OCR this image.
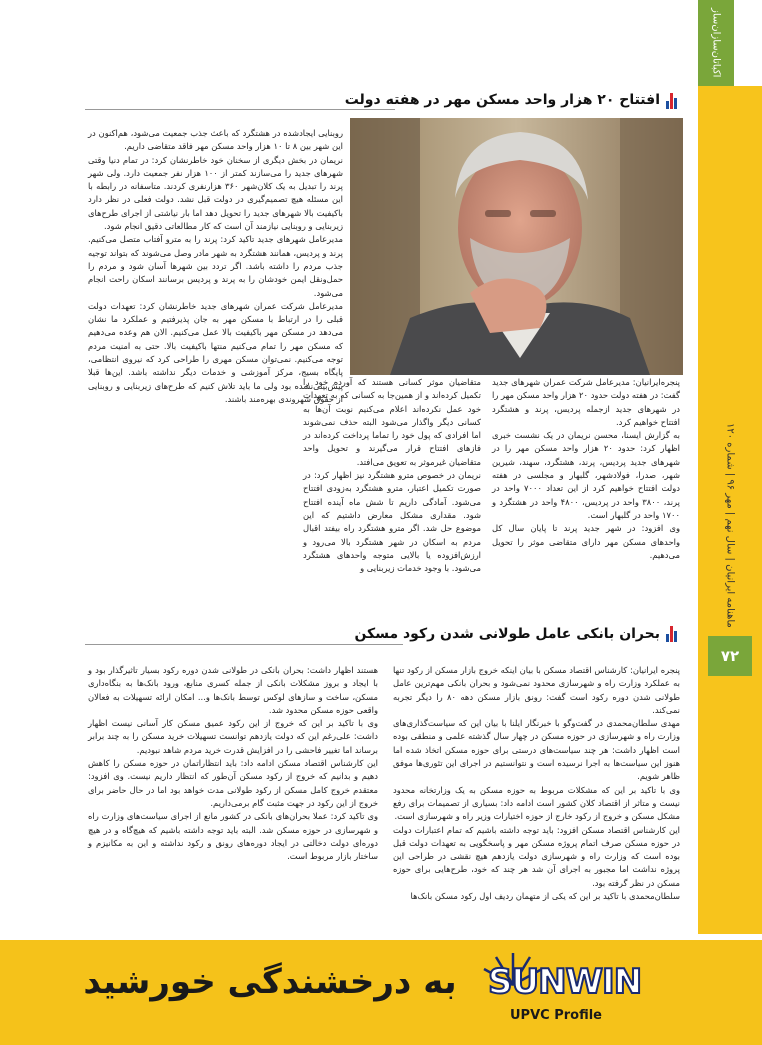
اکباتان‌سازان‌ساز
ماهنامه ایرانیان | سال نهم | مهر ۹۶ | شماره ۱۲۰
۷۲
افتتاح ۲۰ هزار واحد مسکن مهر در هفته دولت

روبنایی ایجادشده در هشتگرد که باعث جذب جمعیت می‌شود، هم‌اکنون در این شهر بین ۸ تا ۱۰ هزار واحد مسکن مهر فاقد متقاضی داریم.

نریمان در بخش دیگری از سخنان خود خاطرنشان کرد: در تمام دنیا وقتی شهرهای جدید را می‌سازند کمتر از ۱۰۰ هزار نفر جمعیت دارد. ولی شهر پرند را تبدیل به یک کلان‌شهر ۳۶۰ هزارنفری کردند. متاسفانه در رابطه با این مسئله هیچ تصمیم‌گیری در دولت قبل نشد. دولت فعلی در نظر دارد باکیفیت بالا شهرهای جدید را تحویل دهد اما بار نیاشتی از اجرای طرح‌های زیربنایی و روبنایی نیازمند آن است که کار مطالعاتی دقیق انجام شود.

مدیرعامل شهرهای جدید تاکید کرد: پرند را به مترو آفتاب متصل می‌کنیم. پرند و پردیس، همانند هشتگرد به شهر مادر وصل می‌شوند که بتواند توجیه جذب مردم را داشته باشد. اگر تردد بین شهرها آسان شود و مردم را حمل‌ونقل ایمن خودشان را به پرند و پردیس برسانند اسکان راحت انجام می‌شود.

مدیرعامل شرکت عمران شهرهای جدید خاطرنشان کرد: تعهدات دولت قبلی را در ارتباط با مسکن مهر به جان پذیرفتیم و عملکرد ما نشان می‌دهد در مسکن مهر باکیفیت بالا عمل می‌کنیم. الان هم وعده می‌دهیم که مسکن مهر را تمام می‌کنیم منتها باکیفیت بالا. حتی به امنیت مردم توجه می‌کنیم. نمی‌توان مسکن مهری را طراحی کرد که نیروی انتظامی، پایگاه بسیج، مرکز آموزشی و خدمات دیگر نداشته باشد. این‌ها قبلا پیش‌بینی‌نشده بود ولی ما باید تلاش کنیم که طرح‌های زیربنایی و روبنایی از حقوق شهروندی بهره‌مند باشند.

متقاضیان موثر کسانی هستند که آورده خود را تکمیل کرده‌اند و از همین‌جا به کسانی که به تعهدات خود عمل نکرده‌اند اعلام می‌کنیم نوبت آن‌ها به کسانی دیگر واگذار می‌شود البته حذف نمی‌شوند اما افرادی که پول خود را تماما پرداخت کرده‌اند در فازهای افتتاح قرار می‌گیرند و تحویل واحد متقاضیان غیرموثر به تعویق می‌افتد.

نریمان در خصوص مترو هشتگرد نیز اظهار کرد: در صورت تکمیل اعتبار، مترو هشتگرد به‌زودی افتتاح می‌شود. آمادگی داریم تا شش ماه آینده افتتاح شود. مقداری مشکل معارض داشتیم که این موضوع حل شد. اگر مترو هشتگرد راه بیفتد اقبال مردم به اسکان در شهر هشتگرد بالا می‌رود و ارزش‌افزوده یا بالایی متوجه واحدهای هشتگرد می‌شود. با وجود خدمات زیربنایی و

پنجره‌ایرانیان: مدیرعامل شرکت عمران شهرهای جدید گفت: در هفته دولت حدود ۲۰ هزار واحد مسکن مهر را در شهرهای جدید ازجمله پردیس، پرند و هشتگرد افتتاح خواهیم کرد.

به گزارش ایسنا، محسن نریمان در یک نشست خبری اظهار کرد: حدود ۲۰ هزار واحد مسکن مهر را در شهرهای جدید پردیس، پرند، هشتگرد، سهند، شیرین شهر، صدرا، فولادشهر، گلبهار و مجلسی در هفته دولت افتتاح خواهیم کرد از این تعداد ۷۰۰۰ واحد در پرند، ۳۸۰۰ واحد در پردیس، ۴۸۰۰ واحد در هشتگرد و ۱۷۰۰ واحد در گلبهار است.

وی افزود: در شهر جدید پرند تا پایان سال کل واحدهای مسکن مهر دارای متقاضی موثر را تحویل می‌دهیم.

بحران بانکی عامل طولانی شدن رکود مسکن

پنجره‌ ایرانیان: کارشناس اقتصاد مسکن با بیان اینکه خروج بازار مسکن از رکود تنها به عملکرد وزارت راه و شهرسازی محدود نمی‌شود و بحران بانکی مهم‌ترین عامل طولانی شدن دوره رکود است گفت: رونق بازار مسکن دهه ۸۰ را دیگر تجربه نمی‌کند.

مهدی سلطان‌محمدی در گفت‌وگو با خبرنگار ایلنا با بیان این که سیاست‌گذاری‌های وزارت راه و شهرسازی در حوزه مسکن در چهار سال گذشته علمی و منطقی بوده است اظهار داشت: هر چند سیاست‌های درستی برای حوزه مسکن اتخاذ شده اما هنوز این سیاست‌ها به اجرا نرسیده است و نتوانستیم در اجرای این تئوری‌ها موفق ظاهر شویم.

وی با تاکید بر این که مشکلات مربوط به حوزه مسکن به یک وزارتخانه محدود نیست و متاثر از اقتصاد کلان کشور است ادامه داد: بسیاری از تصمیمات برای رفع مشکل مسکن و خروج از رکود خارج از حوزه اختیارات وزیر راه و شهرسازی است.

این کارشناس اقتصاد مسکن افزود: باید توجه داشته باشیم که تمام اعتبارات دولت در حوزه مسکن صرف اتمام پروژه مسکن مهر و پاسخگویی به تعهدات دولت قبل بوده است که وزارت راه و شهرسازی دولت یازدهم هیچ نقشی در طراحی این پروژه نداشت اما مجبور به اجرای آن شد هر چند که خود، طرح‌هایی برای حوزه مسکن در نظر گرفته بود.

سلطان‌محمدی با تاکید بر این که یکی از متهمان ردیف اول رکود مسکن بانک‌ها

هستند اظهار داشت: بحران بانکی در طولانی شدن دوره رکود بسیار تاثیرگذار بود و با ایجاد و بروز مشکلات بانکی از جمله کسری منابع، ورود بانک‌ها به بنگاه‌داری مسکن، ساخت و سازهای لوکس توسط بانک‌ها و... امکان ارائه تسهیلات به فعالان واقعی حوزه مسکن محدود شد.

وی با تاکید بر این که خروج از این رکود عمیق مسکن کار آسانی نیست اظهار داشت: علی‌رغم این که دولت یازدهم توانست تسهیلات خرید مسکن را به چند برابر برساند اما تغییر فاحشی را در افزایش قدرت خرید مردم شاهد نبودیم.

این کارشناس اقتصاد مسکن ادامه داد: باید انتظاراتمان در حوزه مسکن را کاهش دهیم و بدانیم که خروج از رکود مسکن آن‌طور که انتظار داریم نیست. وی افزود: معتقدم خروج کامل مسکن از رکود طولانی مدت خواهد بود اما در حال حاضر برای خروج از این رکود در جهت مثبت گام برمی‌داریم.

وی تاکید کرد: عملا بحران‌های بانکی در کشور مانع از اجرای سیاست‌های وزارت راه و شهرسازی در حوزه مسکن شد. البته باید توجه داشته باشیم که هیچ‌گاه و در هیچ دوره‌ای دولت دخالتی در ایجاد دوره‌های رونق و رکود نداشته و این به مکانیزم و ساختار بازار مربوط است.

به درخشندگی خورشید SUNWIN
UPVC Profile
